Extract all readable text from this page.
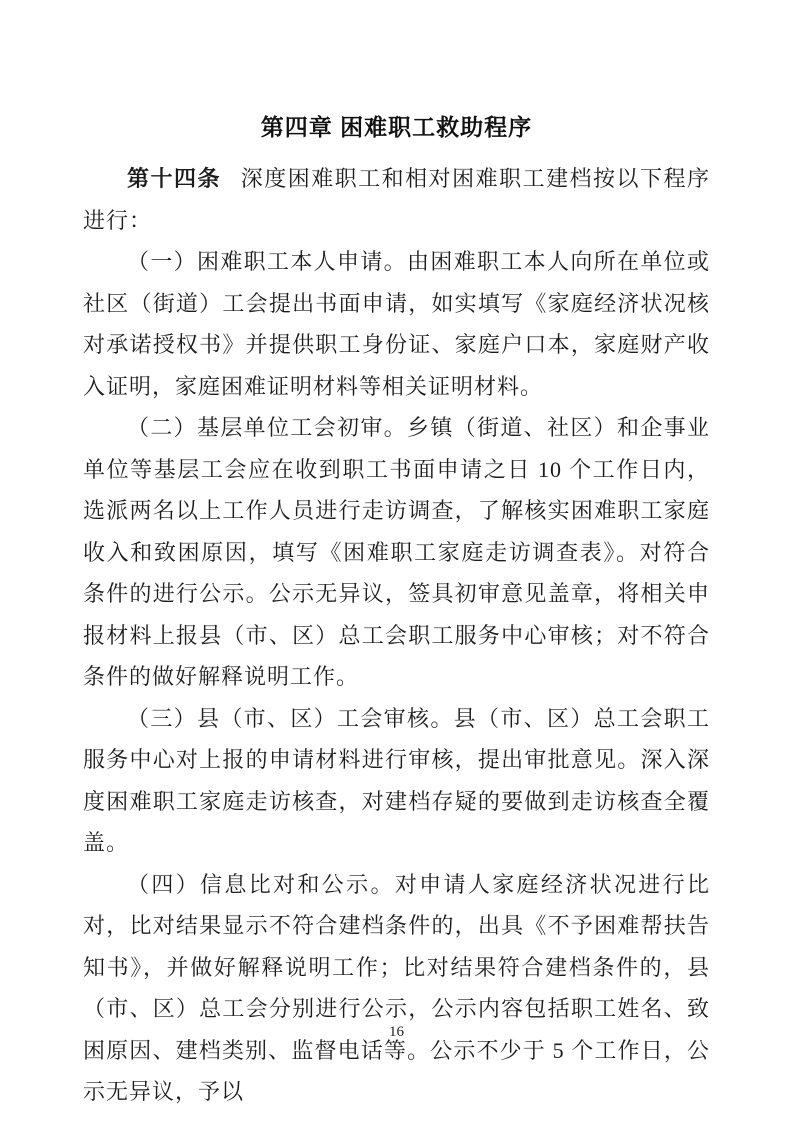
第四章 困难职工救助程序

第十四条 深度困难职工和相对困难职工建档按以下程序进行：

（一）困难职工本人申请。由困难职工本人向所在单位或社区（街道）工会提出书面申请，如实填写《家庭经济状况核对承诺授权书》并提供职工身份证、家庭户口本，家庭财产收入证明，家庭困难证明材料等相关证明材料。

（二）基层单位工会初审。乡镇（街道、社区）和企事业单位等基层工会应在收到职工书面申请之日 10 个工作日内，选派两名以上工作人员进行走访调查，了解核实困难职工家庭收入和致困原因，填写《困难职工家庭走访调查表》。对符合条件的进行公示。公示无异议，签具初审意见盖章，将相关申报材料上报县（市、区）总工会职工服务中心审核；对不符合条件的做好解释说明工作。

（三）县（市、区）工会审核。县（市、区）总工会职工服务中心对上报的申请材料进行审核，提出审批意见。深入深度困难职工家庭走访核查，对建档存疑的要做到走访核查全覆盖。

（四）信息比对和公示。对申请人家庭经济状况进行比对，比对结果显示不符合建档条件的，出具《不予困难帮扶告知书》，并做好解释说明工作；比对结果符合建档条件的，县（市、区）总工会分别进行公示，公示内容包括职工姓名、致困原因、建档类别、监督电话等。公示不少于 5 个工作日，公示无异议，予以

16
